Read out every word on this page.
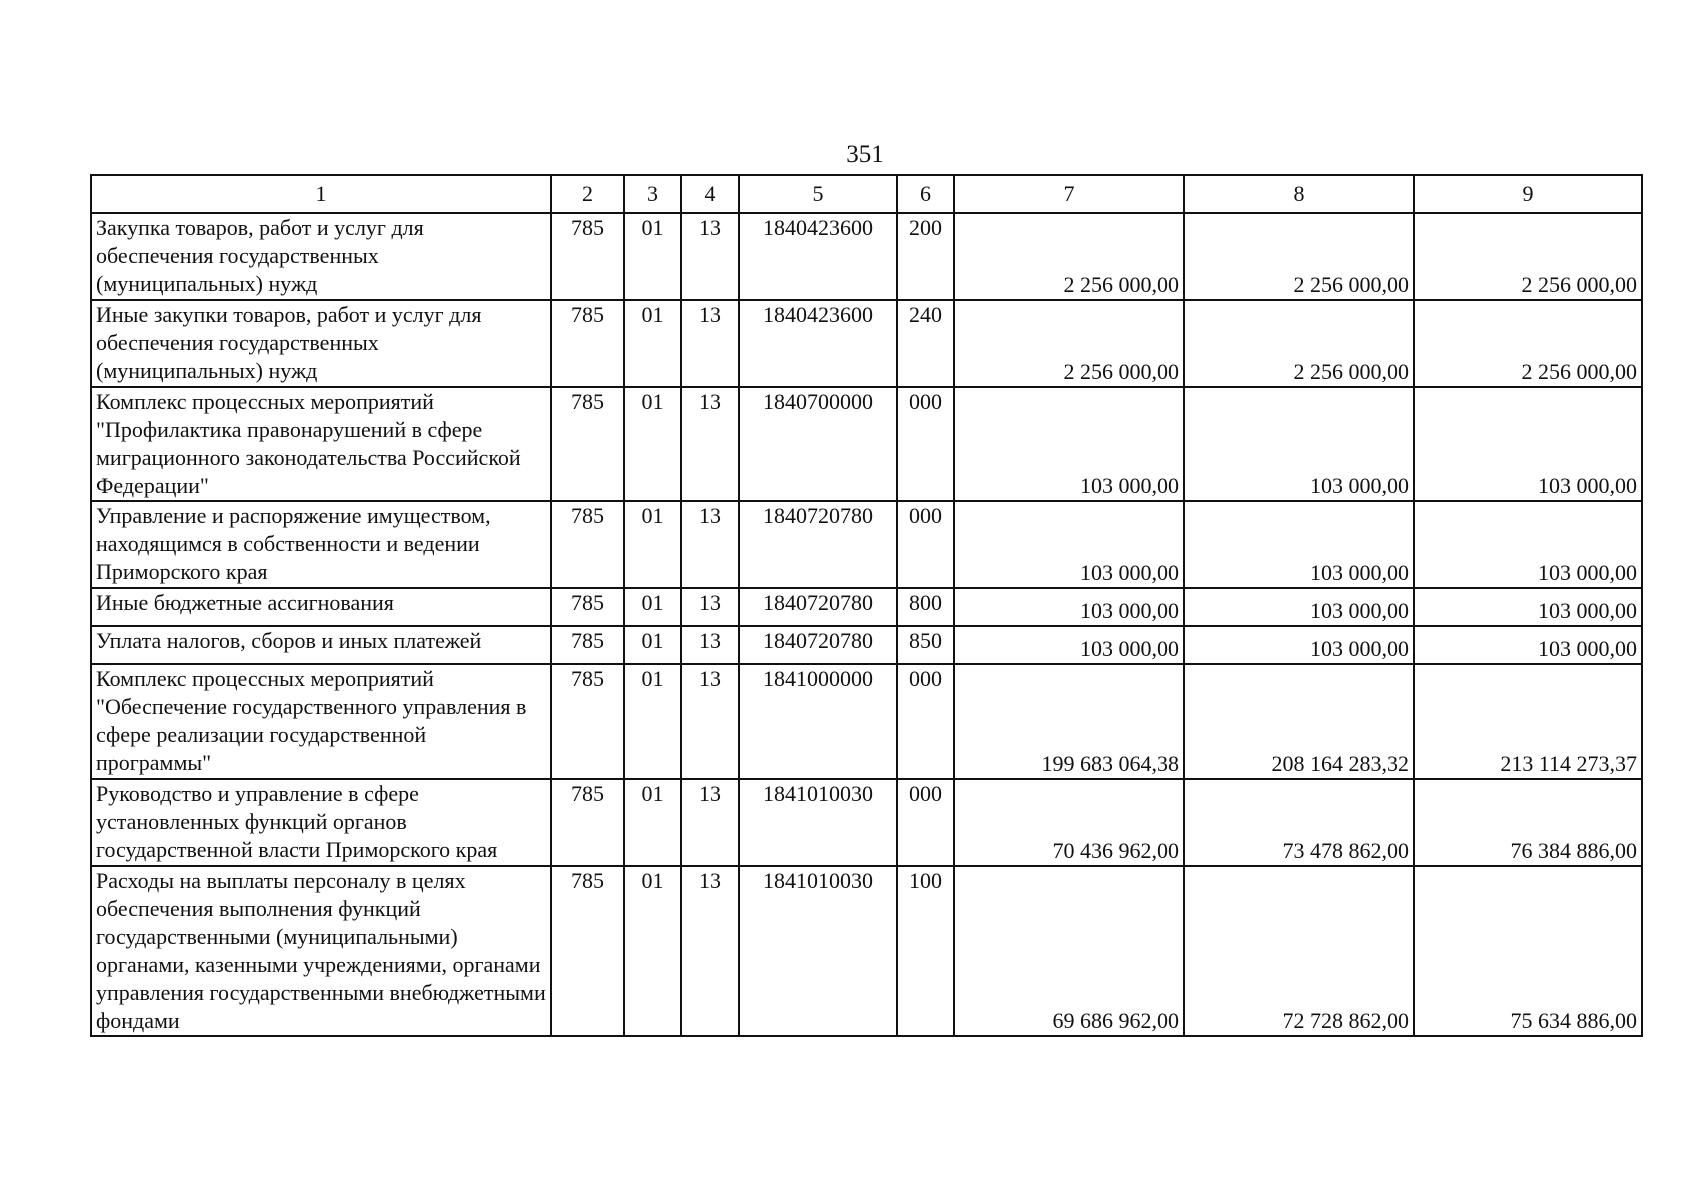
351
1	2	3	4	5	6	7	8	9
Закупка товаров, работ и услуг для обеспечения государственных (муниципальных) нужд	785	01	13	1840423600	200	2 256 000,00	2 256 000,00	2 256 000,00
Иные закупки товаров, работ и услуг для обеспечения государственных (муниципальных) нужд	785	01	13	1840423600	240	2 256 000,00	2 256 000,00	2 256 000,00
Комплекс процессных мероприятий "Профилактика правонарушений в сфере миграционного законодательства Российской Федерации"	785	01	13	1840700000	000	103 000,00	103 000,00	103 000,00
Управление и распоряжение имуществом, находящимся в собственности и ведении Приморского края	785	01	13	1840720780	000	103 000,00	103 000,00	103 000,00
Иные бюджетные ассигнования	785	01	13	1840720780	800	103 000,00	103 000,00	103 000,00
Уплата налогов, сборов и иных платежей	785	01	13	1840720780	850	103 000,00	103 000,00	103 000,00
Комплекс процессных мероприятий "Обеспечение государственного управления в сфере реализации государственной программы"	785	01	13	1841000000	000	199 683 064,38	208 164 283,32	213 114 273,37
Руководство и управление в сфере установленных функций органов государственной власти Приморского края	785	01	13	1841010030	000	70 436 962,00	73 478 862,00	76 384 886,00
Расходы на выплаты персоналу в целях обеспечения выполнения функций государственными (муниципальными) органами, казенными учреждениями, органами управления государственными внебюджетными фондами	785	01	13	1841010030	100	69 686 962,00	72 728 862,00	75 634 886,00
